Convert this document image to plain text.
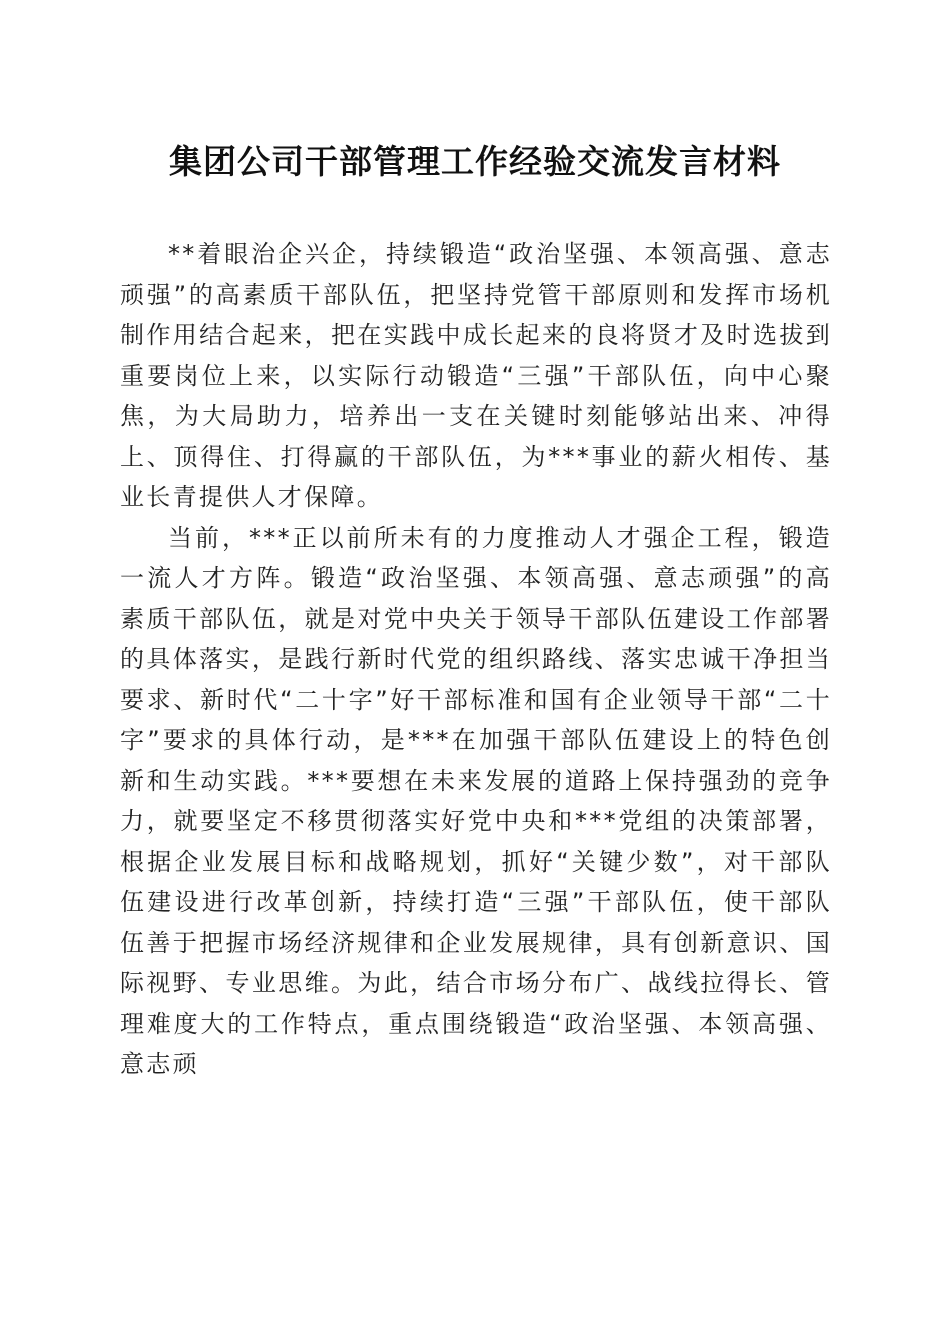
集团公司干部管理工作经验交流发言材料

**着眼治企兴企，持续锻造“政治坚强、本领高强、意志顽强”的高素质干部队伍，把坚持党管干部原则和发挥市场机制作用结合起来，把在实践中成长起来的良将贤才及时选拔到重要岗位上来，以实际行动锻造“三强”干部队伍，向中心聚焦，为大局助力，培养出一支在关键时刻能够站出来、冲得上、顶得住、打得赢的干部队伍，为***事业的薪火相传、基业长青提供人才保障。

当前，***正以前所未有的力度推动人才强企工程，锻造一流人才方阵。锻造“政治坚强、本领高强、意志顽强”的高素质干部队伍，就是对党中央关于领导干部队伍建设工作部署的具体落实，是践行新时代党的组织路线、落实忠诚干净担当要求、新时代“二十字”好干部标准和国有企业领导干部“二十字”要求的具体行动，是***在加强干部队伍建设上的特色创新和生动实践。***要想在未来发展的道路上保持强劲的竞争力，就要坚定不移贯彻落实好党中央和***党组的决策部署，根据企业发展目标和战略规划，抓好“关键少数”，对干部队伍建设进行改革创新，持续打造“三强”干部队伍，使干部队伍善于把握市场经济规律和企业发展规律，具有创新意识、国际视野、专业思维。为此，结合市场分布广、战线拉得长、管理难度大的工作特点，重点围绕锻造“政治坚强、本领高强、意志顽
